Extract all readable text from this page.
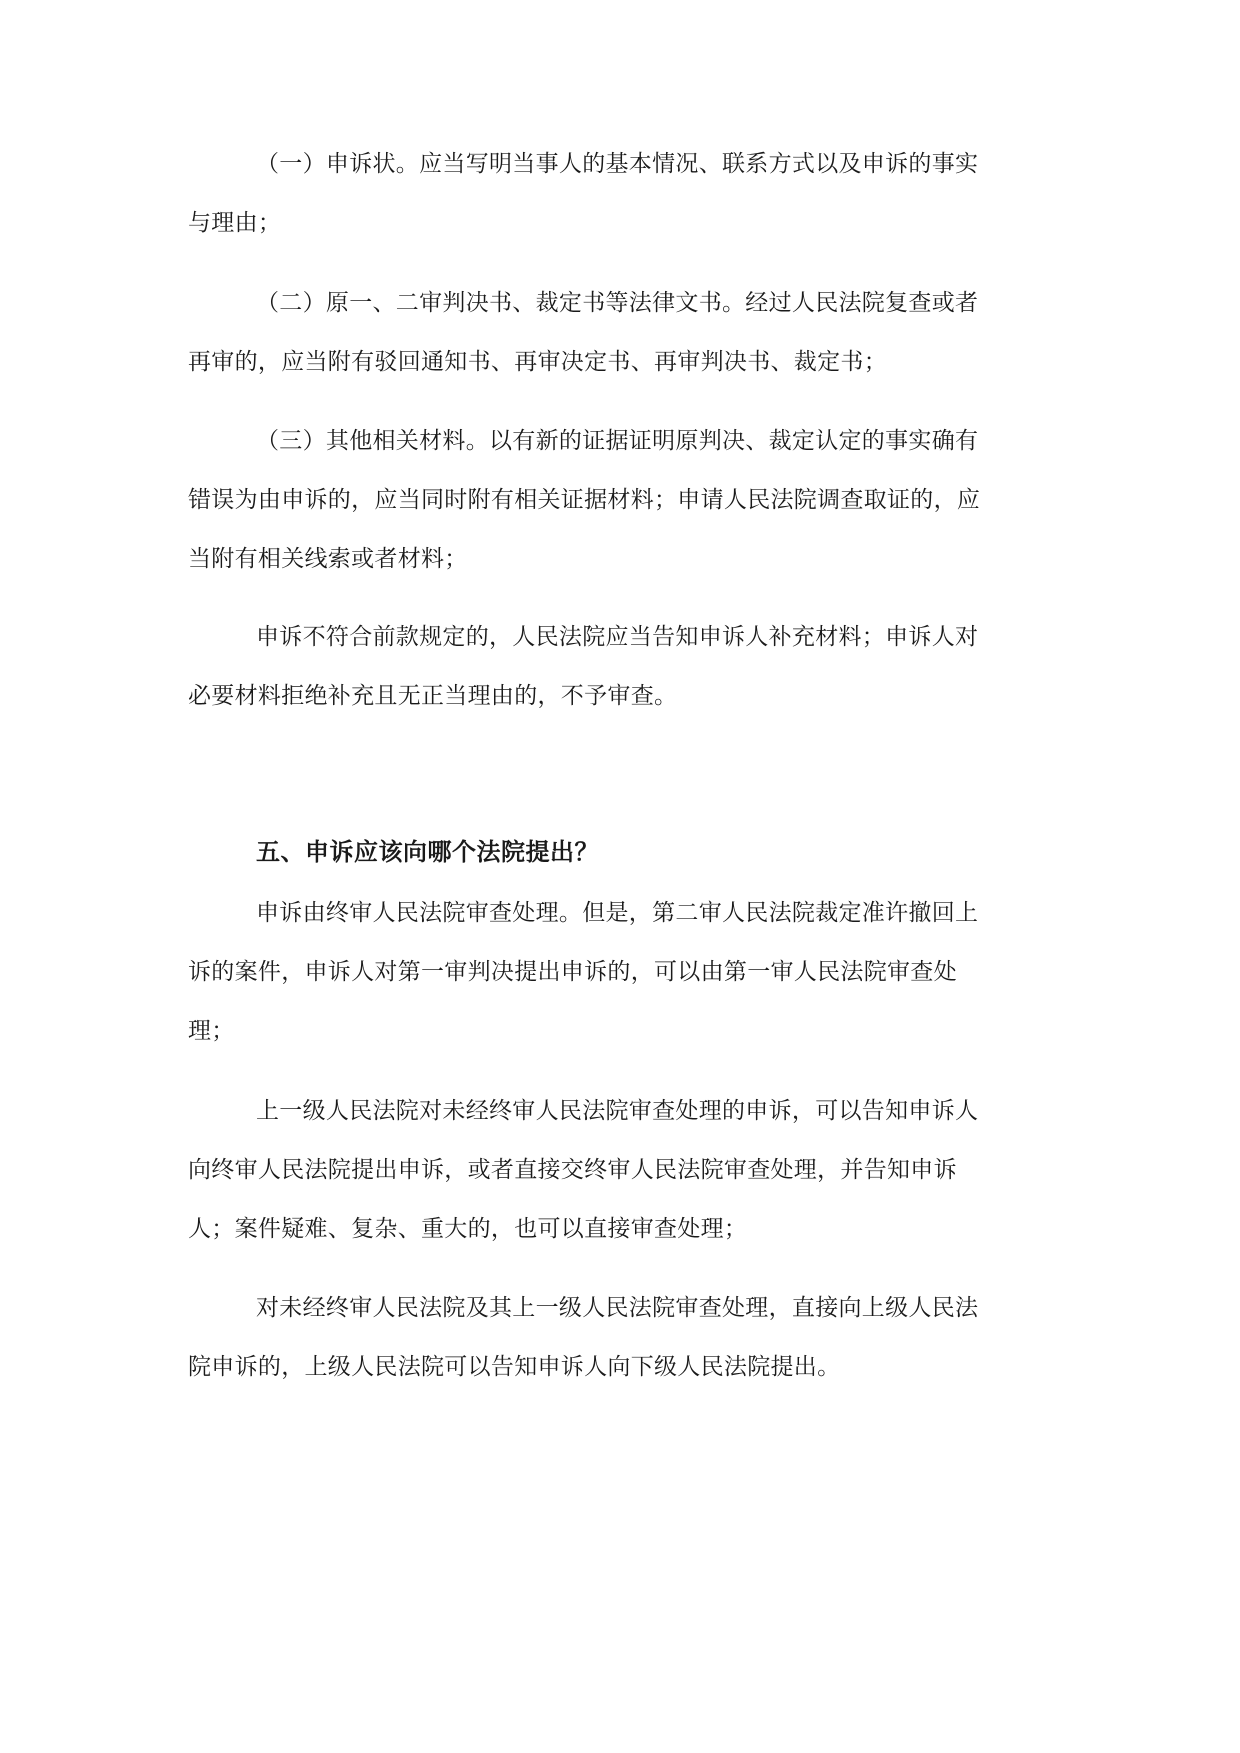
（一）申诉状。应当写明当事人的基本情况、联系方式以及申诉的事实
与理由；
（二）原一、二审判决书、裁定书等法律文书。经过人民法院复查或者
再审的，应当附有驳回通知书、再审决定书、再审判决书、裁定书；
（三）其他相关材料。以有新的证据证明原判决、裁定认定的事实确有
错误为由申诉的，应当同时附有相关证据材料；申请人民法院调查取证的，应
当附有相关线索或者材料；
申诉不符合前款规定的，人民法院应当告知申诉人补充材料；申诉人对
必要材料拒绝补充且无正当理由的，不予审查。
五、申诉应该向哪个法院提出？
申诉由终审人民法院审查处理。但是，第二审人民法院裁定准许撤回上
诉的案件，申诉人对第一审判决提出申诉的，可以由第一审人民法院审查处
理；
上一级人民法院对未经终审人民法院审查处理的申诉，可以告知申诉人
向终审人民法院提出申诉，或者直接交终审人民法院审查处理，并告知申诉
人；案件疑难、复杂、重大的，也可以直接审查处理；
对未经终审人民法院及其上一级人民法院审查处理，直接向上级人民法
院申诉的，上级人民法院可以告知申诉人向下级人民法院提出。
